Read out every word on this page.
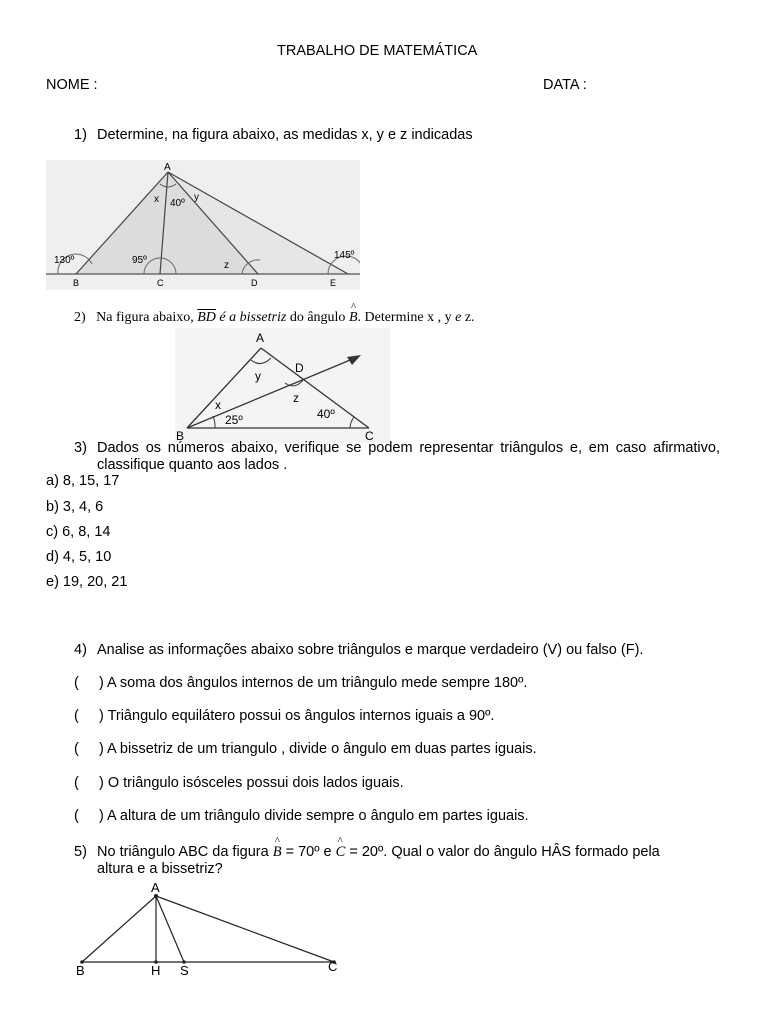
TRABALHO DE MATEMÁTICA
NOME :	DATA :
1) Determine, na figura abaixo, as medidas x, y e z indicadas
A
x 40º
y
130º	95º	z
145º
B	C	D	E
2) Na figura abaixo, $\overline{BD}$ é a bissetriz do ângulo ^ B. Determine x , y e z.
A
y
D
x	z
25º	40º
B	C
3) Dados os números abaixo, verifique se podem representar triângulos e, em caso afirmativo, classifique quanto aos lados .
a) 8, 15, 17
b) 3, 4, 6
c) 6, 8, 14
d) 4, 5, 10
e) 19, 20, 21
4) Analise as informações abaixo sobre triângulos e marque verdadeiro (V) ou falso (F).
(     ) A soma dos ângulos internos de um triângulo mede sempre 180º.
(     ) Triângulo equilátero possui os ângulos internos iguais a 90º.
(     ) A bissetriz de um triangulo , divide o ângulo em duas partes iguais.
(     ) O triângulo isósceles possui dois lados iguais.
(     ) A altura de um triângulo divide sempre o ângulo em partes iguais.
5) No triângulo ABC da figura ^ B = 70º e ^ C = 20º. Qual o valor do ângulo HÂS formado pela
altura e a bissetriz?
A
B	H S	C
